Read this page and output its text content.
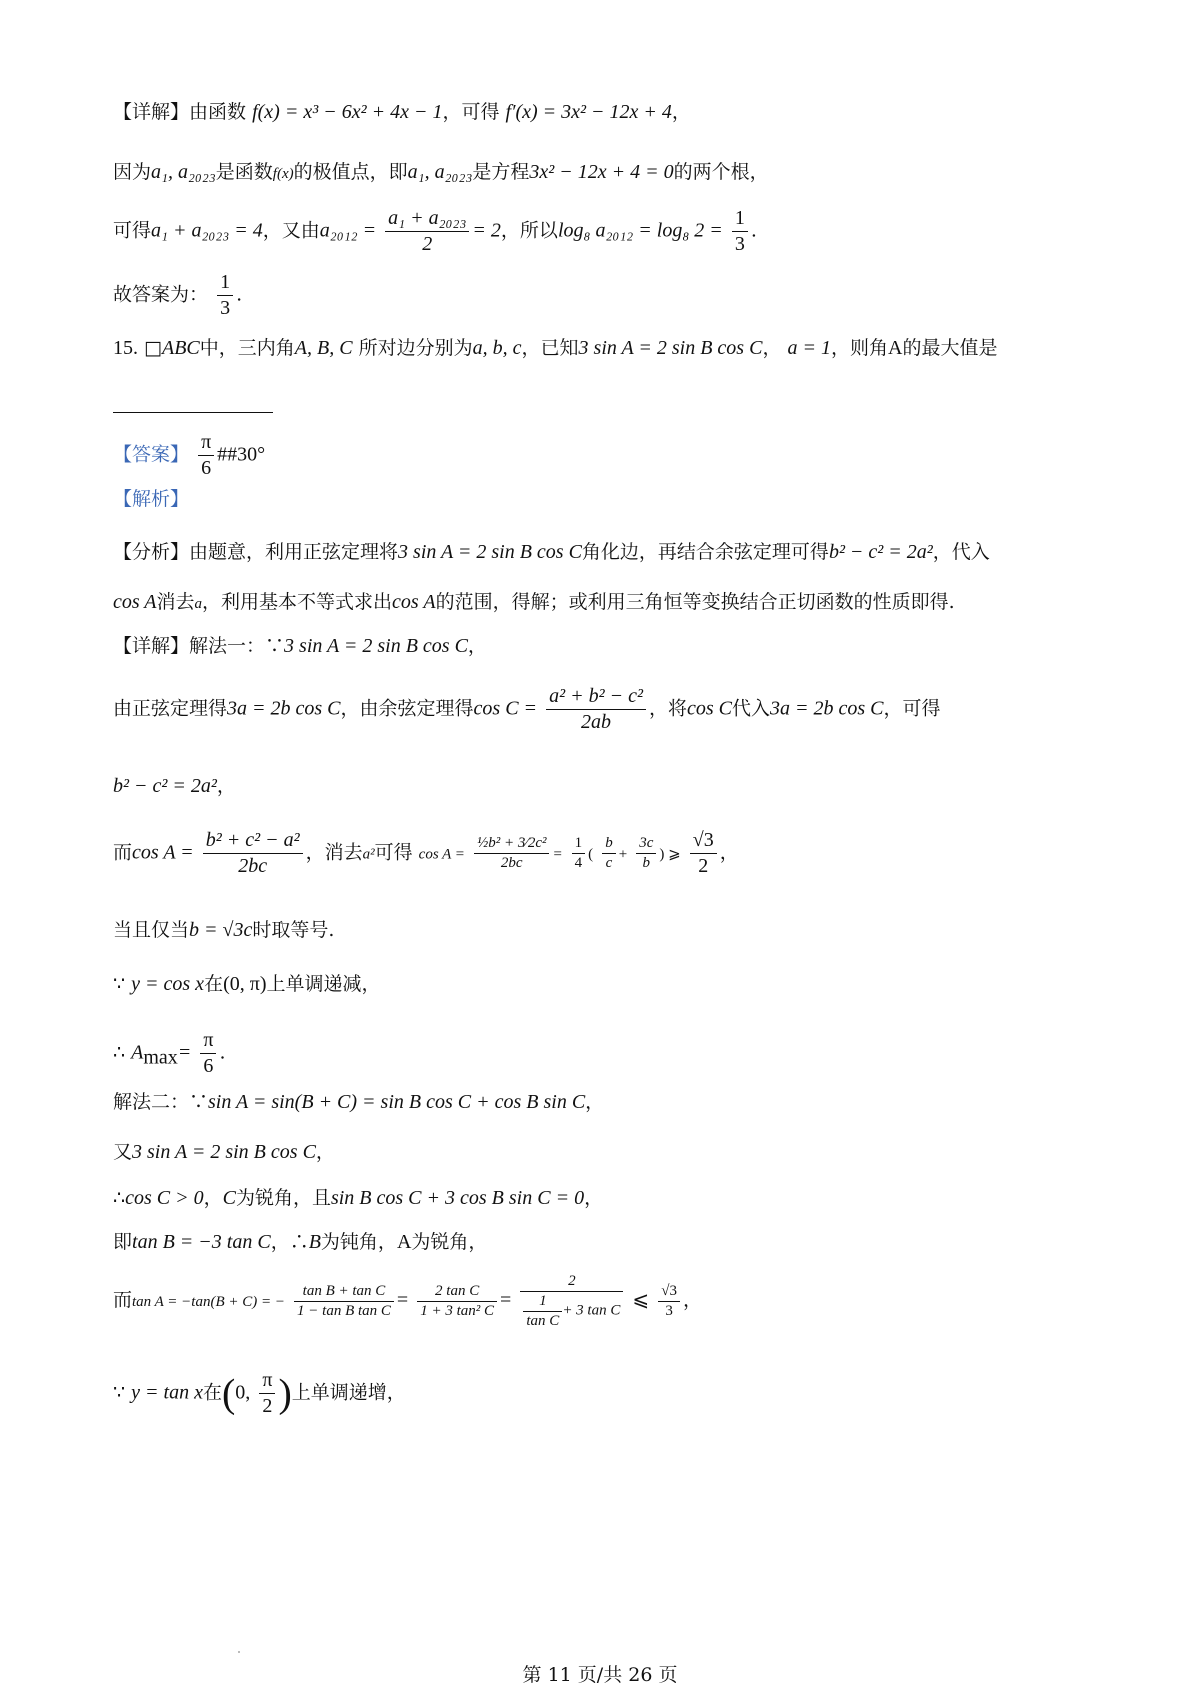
【详解】由函数 f(x) = x³ − 6x² + 4x − 1，可得 f′(x) = 3x² − 12x + 4，
因为a₁, a₂₀₂₃是函数f(x)的极值点，即a₁, a₂₀₂₃是方程3x² − 12x + 4 = 0的两个根，
可得a₁ + a₂₀₂₃ = 4，又由$a_{2012} = \frac{\text{a₁ + a₂₀₂₃}}{2} = 2$，所以log₈ a₂₀₁₂ = log₈ $2 = \frac{1}{3}$ .
故答案为： $\frac{1}{3}$ .
15. □ABC中，三内角A, B, C 所对边分别为a, b, c，已知3 sin A = 2 sin B cos C， a = 1，则角A的最大值是
【答案】 $\frac{\pi}{6}$ ##30°
【解析】
【分析】由题意，利用正弦定理将3 sin A = 2 sin B cos C角化边，再结合余弦定理可得b² − c² = 2a²，代入
cos A消去a，利用基本不等式求出cos A的范围，得解；或利用三角恒等变换结合正切函数的性质即得.
【详解】解法一：∵3 sin A = 2 sin B cos C，
由正弦定理得3a = 2b cos C，由余弦定理得$\cos C = \frac{\text{a² + b² − c²}}{2ab}$ ，将cos C代入3a = 2b cos C，可得
b² − c² = 2a²，
而$\cos A = \frac{\text{b² + c² − a²}}{2bc}$ ，消去a²可得 $\cos A = \frac{\text{½b² + 3⁄2c²}}{2bc} = \frac{1}{4}$ ( $\frac{b}{c} + \frac{3c}{b}$ ) ⩾ $\frac{√3}{2}$ ，
当且仅当b = √3c时取等号.
∵ y = cos x在(0, π)上单调递减，
∴ $A_{max}= \frac{\pi}{6}$ .
解法二：∵sin A = sin(B + C) = sin B cos C + cos B sin C，
又3 sin A = 2 sin B cos C，
∴cos C > 0，C为锐角，且sin B cos C + 3 cos B sin C = 0，
即tan B = −3 tan C，∴B为钝角，A为锐角，
而tan A = −tan(B + C) = − $\frac{\text{tan B + tan C}}{\text{1 − tan B tan C}} = \frac{\text{2 tan C}}{\text{1 + 3 tan² C}} = \frac{2}{\frac{1}{\text{tan C}} + 3 \tan C}$ ⩽ $\frac{√3}{3}$ ，
∵ y = tan x在(0, $\frac{\pi}{2}$ )上单调递增，
第 11 页/共 26 页
